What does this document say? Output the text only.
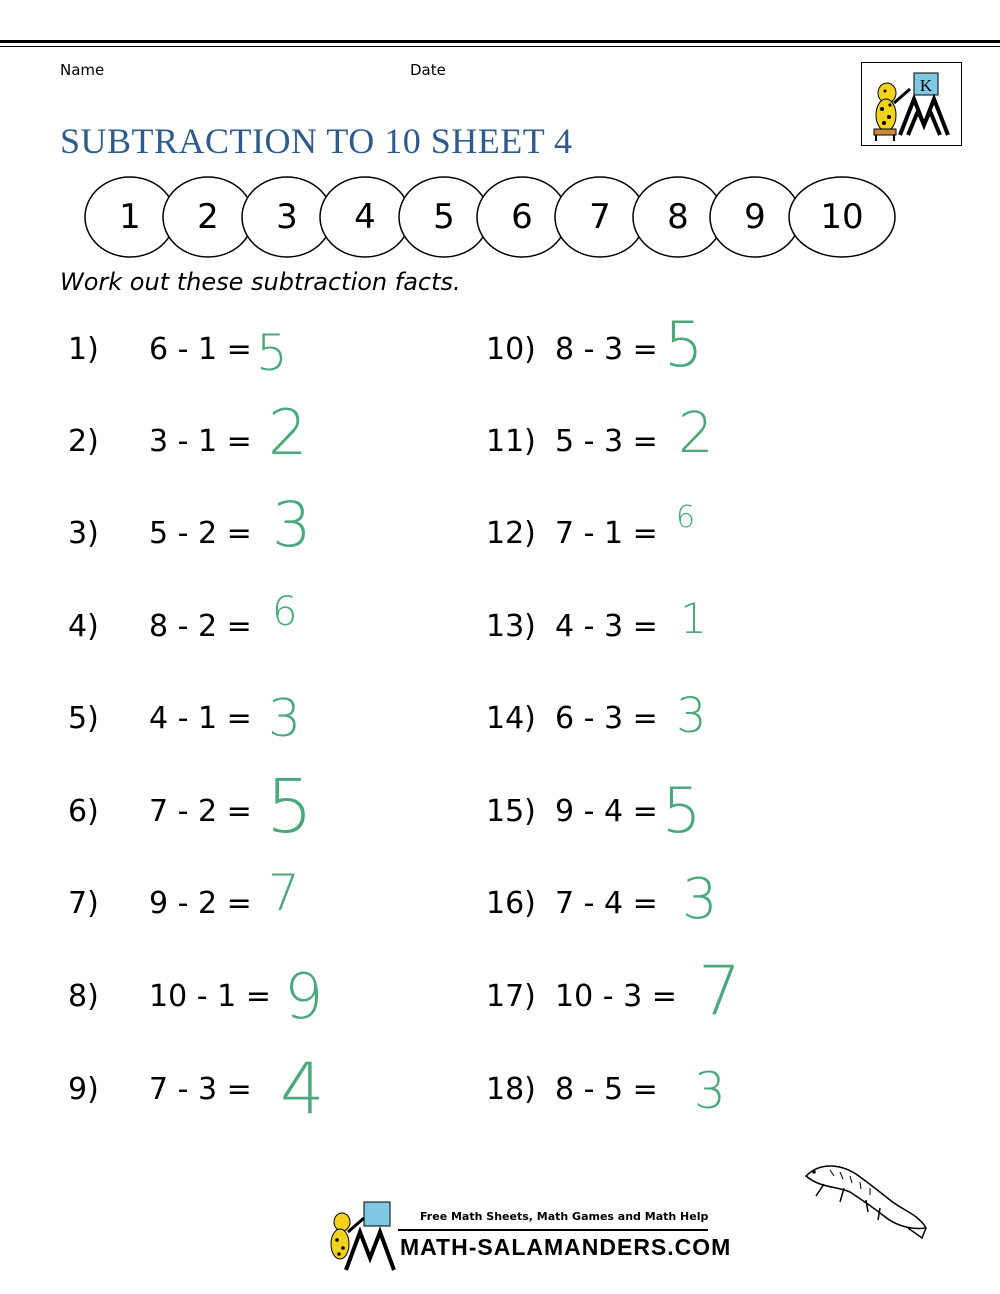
Name	Date
K
SUBTRACTION TO 10 SHEET 4
1	2	3	4	5	6	7	8	9	10
Work out these subtraction facts.
1) 6 - 1 = 5
2) 3 - 1 = 2
3) 5 - 2 = 3
4) 8 - 2 = 6
5) 4 - 1 = 3
6) 7 - 2 = 5
7) 9 - 2 = 7
8) 10 - 1 = 9
9) 7 - 3 = 4
10) 8 - 3 = 5
11) 5 - 3 = 2
12) 7 - 1 = 6
13) 4 - 3 = 1
14) 6 - 3 = 3
15) 9 - 4 = 5
16) 7 - 4 = 3
17) 10 - 3 = 7
18) 8 - 5 = 3
Free Math Sheets, Math Games and Math Help
MATH-SALAMANDERS.COM
